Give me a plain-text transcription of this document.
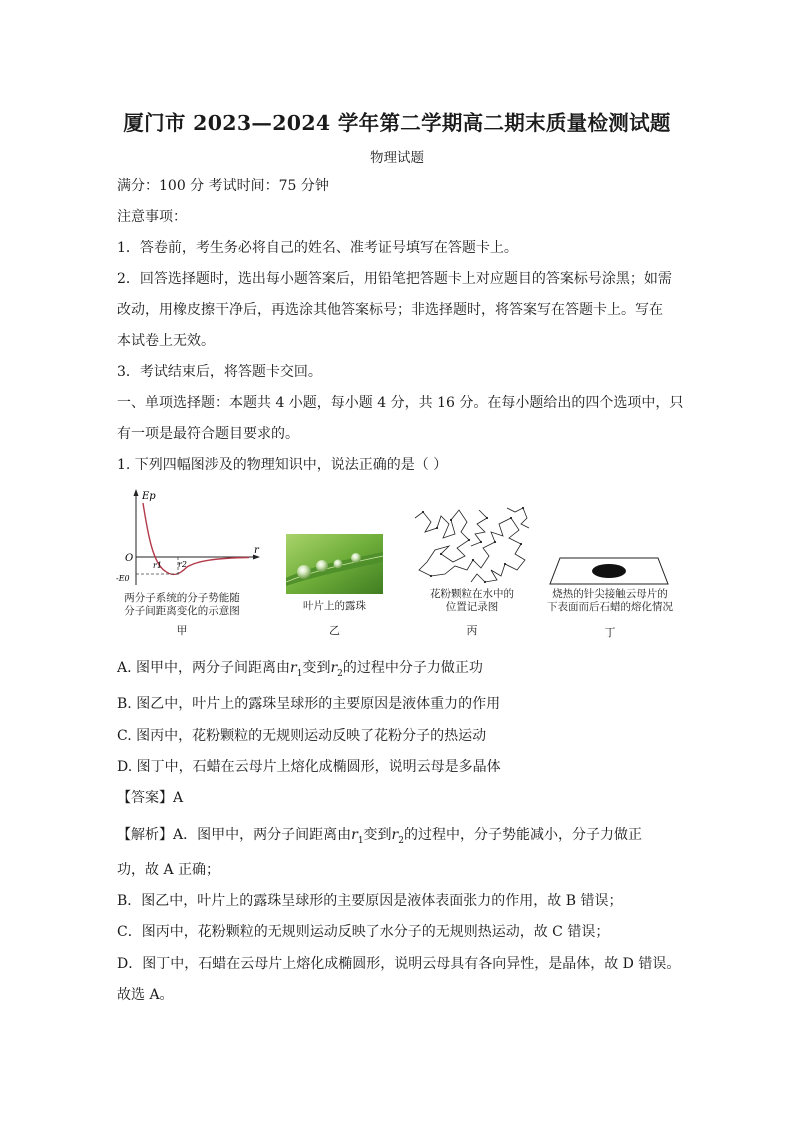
厦门市 2023—2024 学年第二学期高二期末质量检测试题
物理试题
满分：100 分 考试时间：75 分钟
注意事项：
1．答卷前，考生务必将自己的姓名、准考证号填写在答题卡上。
2．回答选择题时，选出每小题答案后，用铅笔把答题卡上对应题目的答案标号涂黑；如需
改动，用橡皮擦干净后，再选涂其他答案标号；非选择题时，将答案写在答题卡上。写在
本试卷上无效。
3．考试结束后，将答题卡交回。
一、单项选择题：本题共 4 小题，每小题 4 分，共 16 分。在每小题给出的四个选项中，只
有一项是最符合题目要求的。
1. 下列四幅图涉及的物理知识中，说法正确的是（ ）
Ep
r
O
r1 r2
-E0
两分子系统的分子势能随
分子间距离变化的示意图
甲
叶片上的露珠
乙
花粉颗粒在水中的
位置记录图
丙
烧热的针尖接触云母片的
下表面而后石蜡的熔化情况
丁
A. 图甲中，两分子间距离由$r_1$变到$r_2$的过程中分子力做正功
B. 图乙中，叶片上的露珠呈球形的主要原因是液体重力的作用
C. 图丙中，花粉颗粒的无规则运动反映了花粉分子的热运动
D. 图丁中，石蜡在云母片上熔化成椭圆形，说明云母是多晶体
【答案】A
【解析】A．图甲中，两分子间距离由$r_1$变到$r_2$的过程中，分子势能减小，分子力做正
功，故 A 正确；
B．图乙中，叶片上的露珠呈球形的主要原因是液体表面张力的作用，故 B 错误；
C．图丙中，花粉颗粒的无规则运动反映了水分子的无规则热运动，故 C 错误；
D．图丁中，石蜡在云母片上熔化成椭圆形，说明云母具有各向异性，是晶体，故 D 错误。
故选 A。
